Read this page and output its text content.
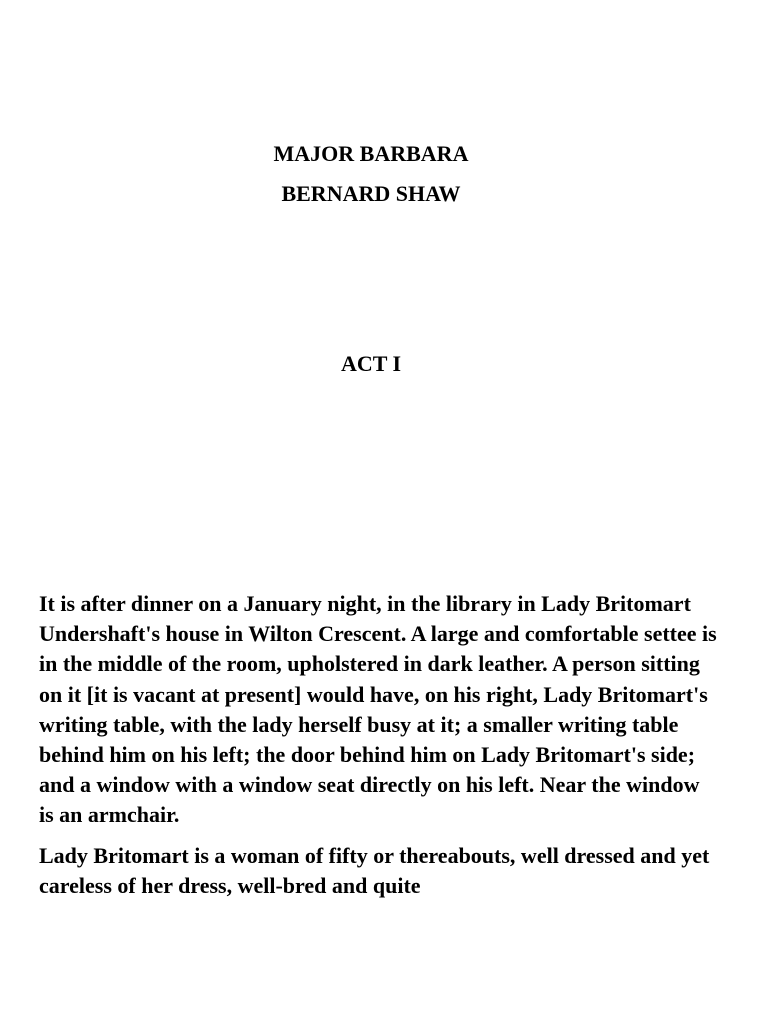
MAJOR BARBARA
BERNARD SHAW
ACT I

It is after dinner on a January night, in the library in Lady Britomart Undershaft's house in Wilton Crescent. A large and comfortable settee is in the middle of the room, upholstered in dark leather. A person sitting on it [it is vacant at present] would have, on his right, Lady Britomart's writing table, with the lady herself busy at it; a smaller writing table behind him on his left; the door behind him on Lady Britomart's side; and a window with a window seat directly on his left. Near the window is an armchair.

Lady Britomart is a woman of fifty or thereabouts, well dressed and yet careless of her dress, well-bred and quite
